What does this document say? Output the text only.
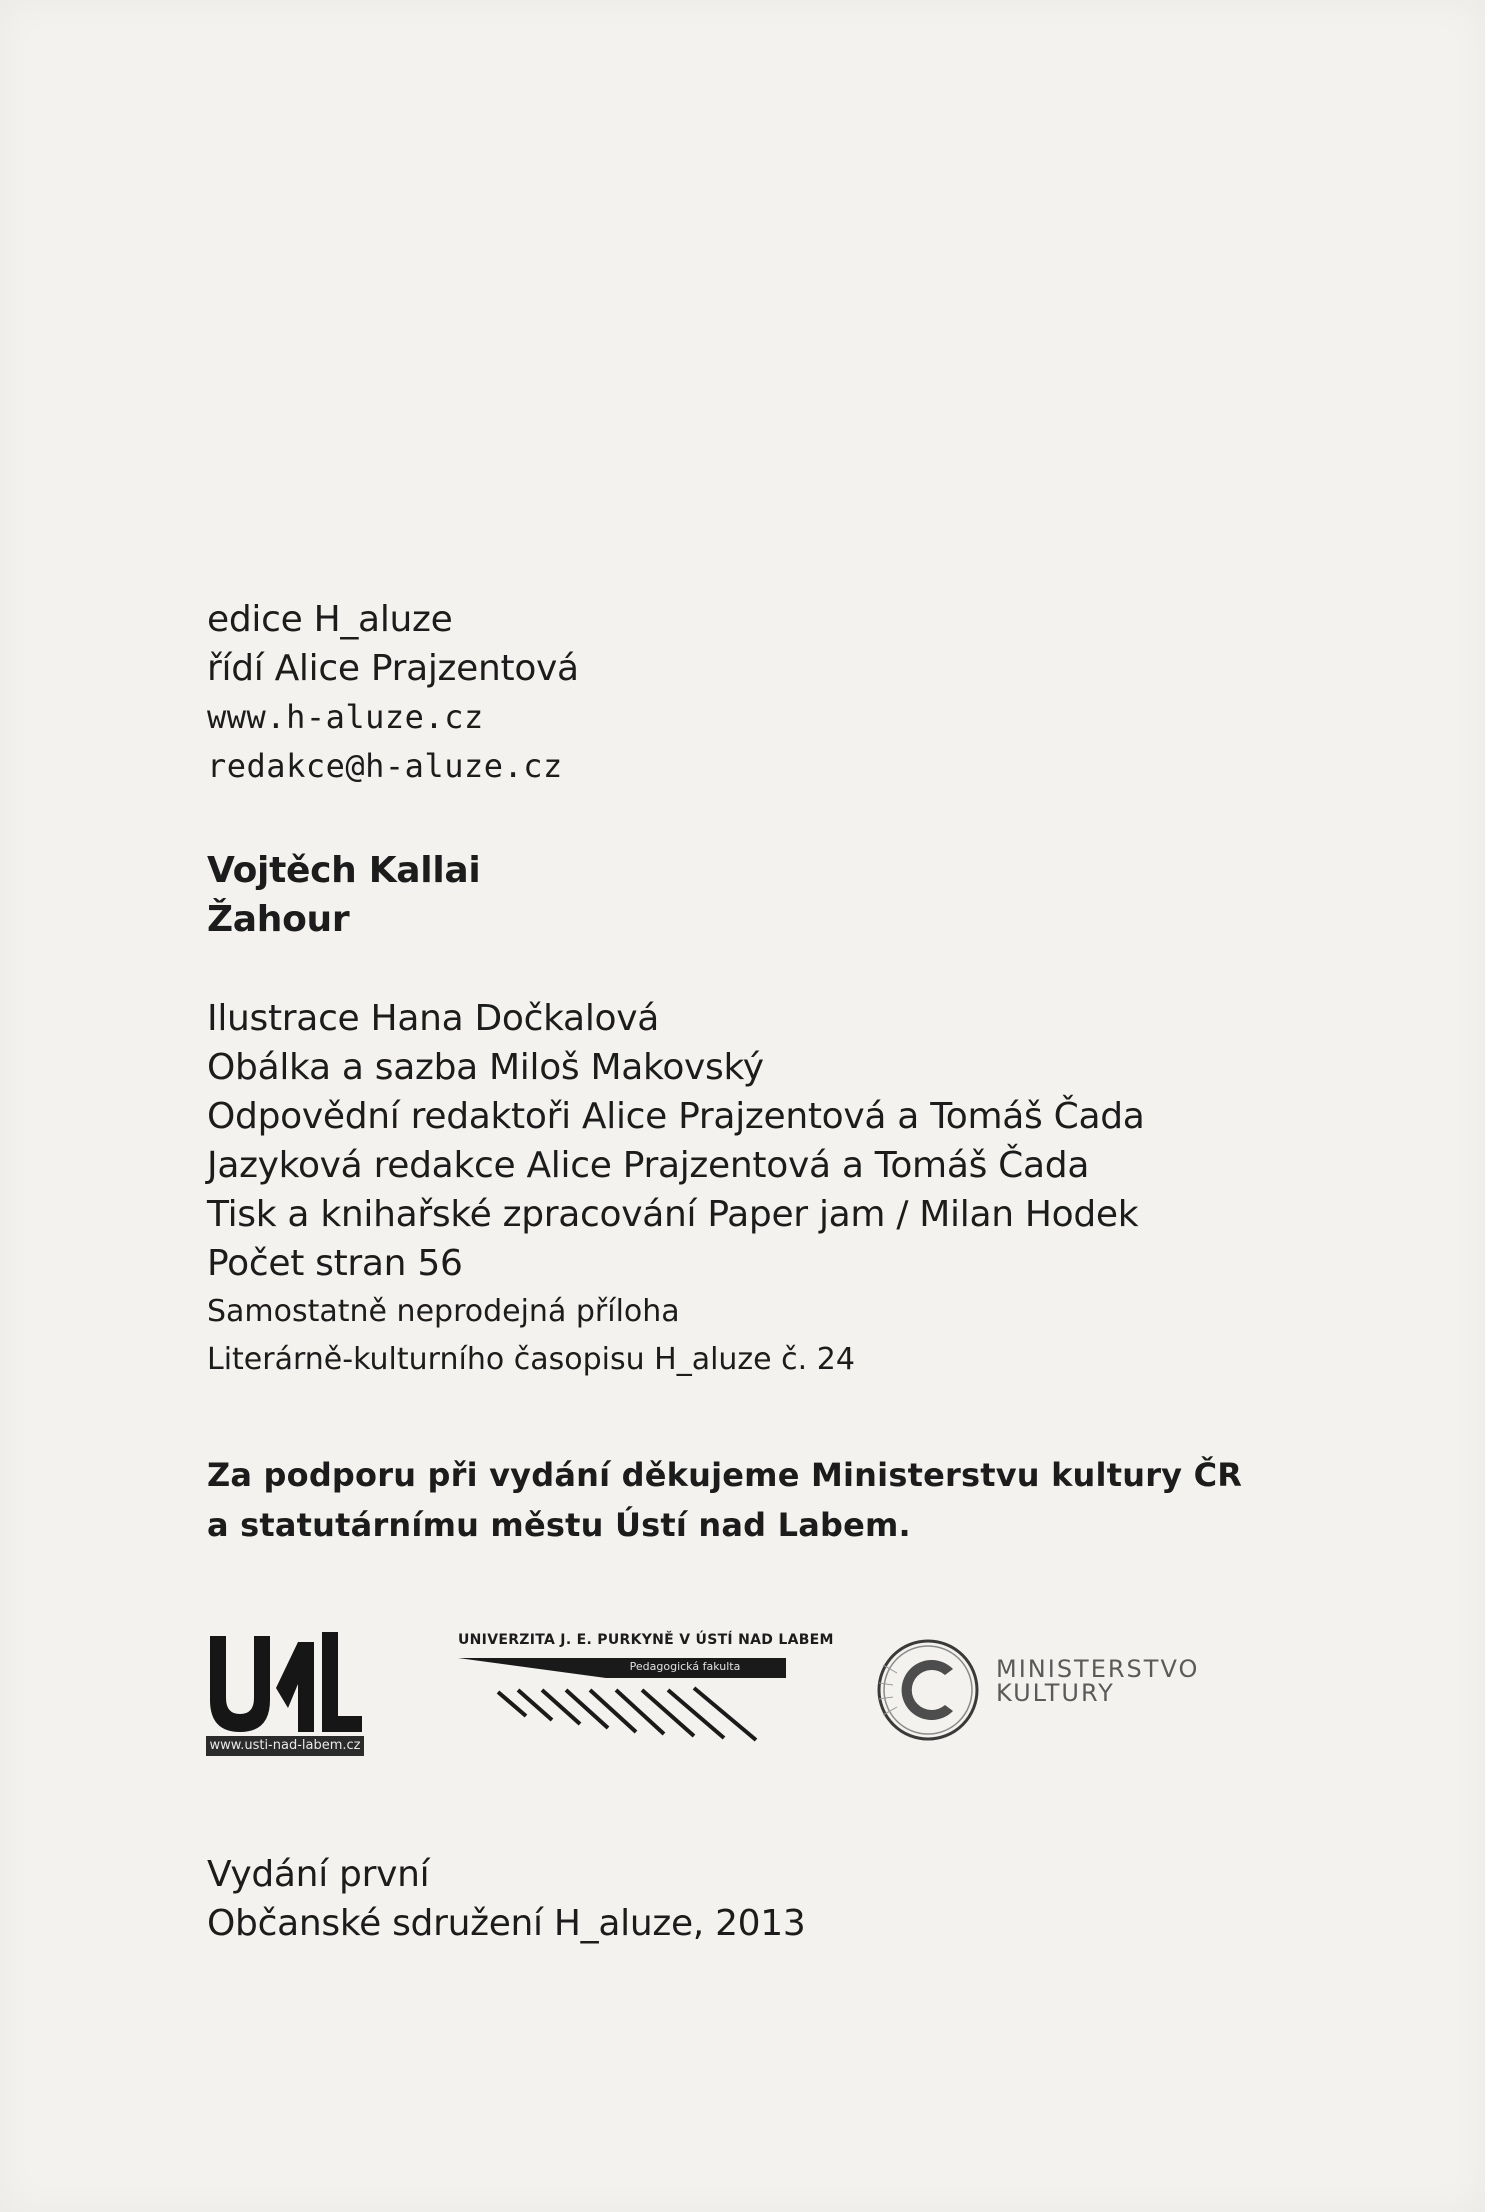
edice H_aluze
řídí Alice Prajzentová
www.h-aluze.cz
redakce@h-aluze.cz
Vojtěch Kallai
Žahour
Ilustrace Hana Dočkalová
Obálka a sazba Miloš Makovský
Odpovědní redaktoři Alice Prajzentová a Tomáš Čada
Jazyková redakce Alice Prajzentová a Tomáš Čada
Tisk a knihařské zpracování Paper jam / Milan Hodek
Počet stran 56
Samostatně neprodejná příloha
Literárně-kulturního časopisu H_aluze č. 24
Za podporu při vydání děkujeme Ministerstvu kultury ČR
a statutárnímu městu Ústí nad Labem.
www.usti-nad-labem.cz
UNIVERZITA J. E. PURKYNĚ V ÚSTÍ NAD LABEM
Pedagogická fakulta	MINISTERSTVO
KULTURY
Vydání první
Občanské sdružení H_aluze, 2013
